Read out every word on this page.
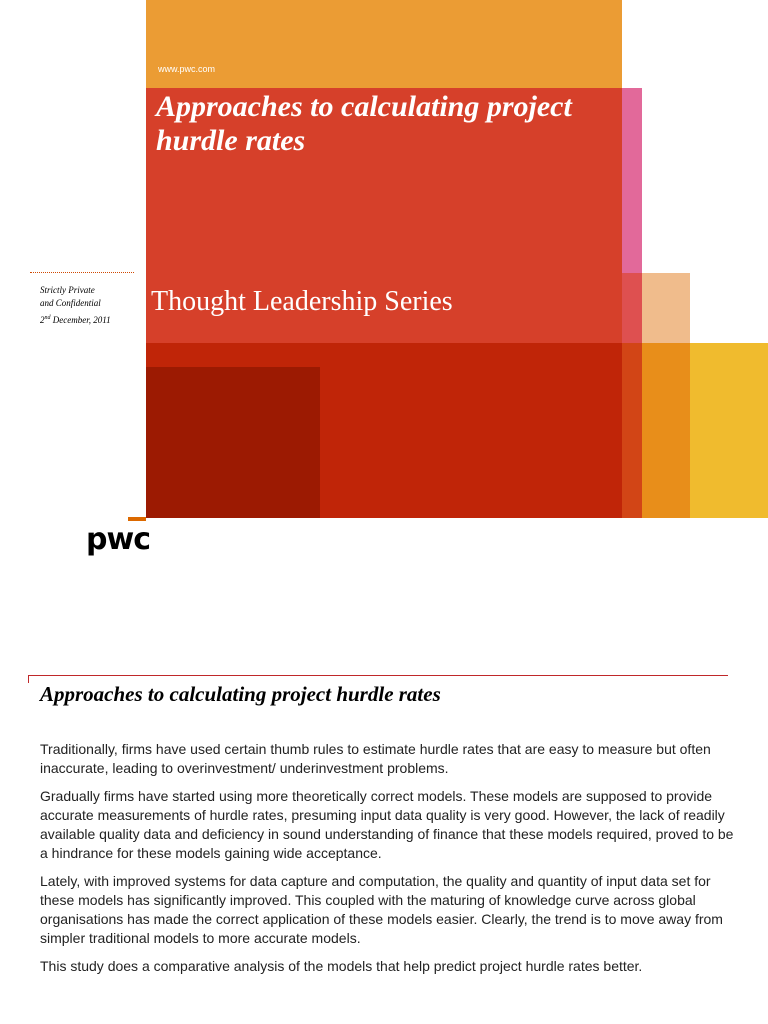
www.pwc.com
Approaches to calculating project hurdle rates
Thought Leadership Series
Strictly Private
and Confidential
2nd December, 2011
pwc
Approaches to calculating project hurdle rates

Traditionally, firms have used certain thumb rules to estimate hurdle rates that are easy to measure but often inaccurate, leading to overinvestment/ underinvestment problems.

Gradually firms have started using more theoretically correct models. These models are supposed to provide accurate measurements of hurdle rates, presuming input data quality is very good. However, the lack of readily available quality data and deficiency in sound understanding of finance that these models required, proved to be a hindrance for these models gaining wide acceptance.

Lately, with improved systems for data capture and computation, the quality and quantity of input data set for these models has significantly improved. This coupled with the maturing of knowledge curve across global organisations has made the correct application of these models easier. Clearly, the trend is to move away from simpler traditional models to more accurate models.

This study does a comparative analysis of the models that help predict project hurdle rates better.
